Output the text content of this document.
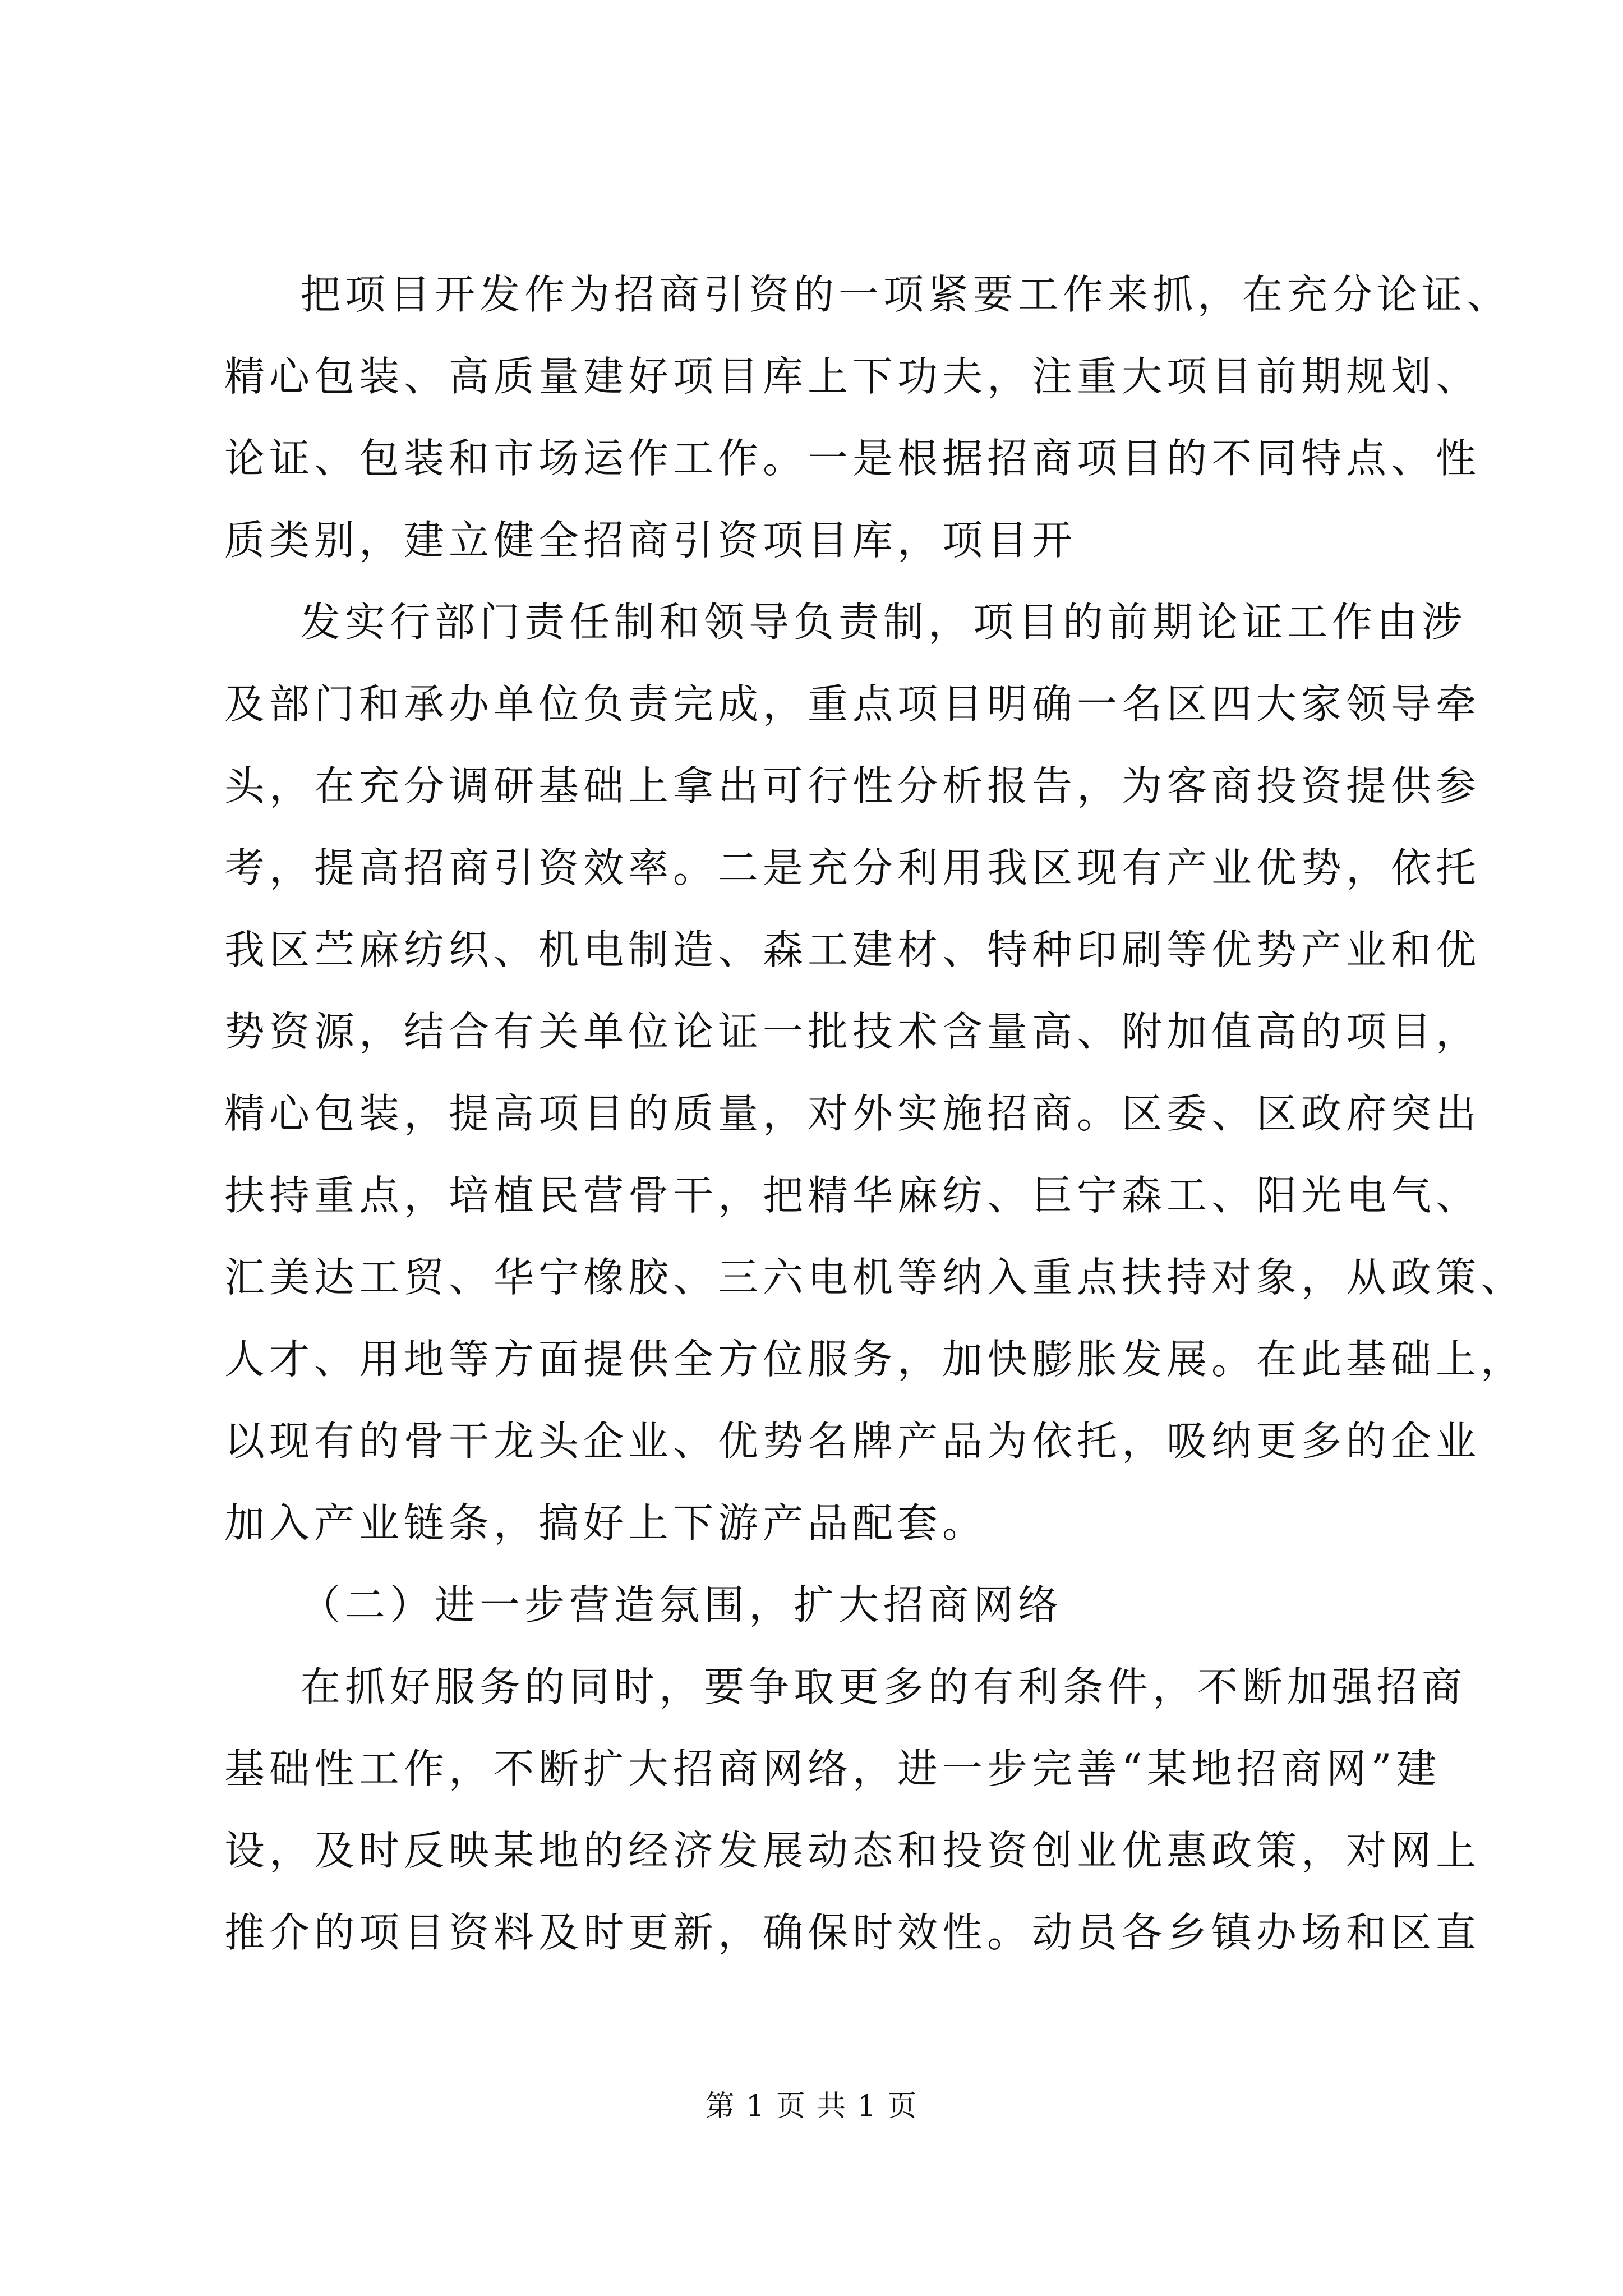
把项目开发作为招商引资的一项紧要工作来抓，在充分论证、
精心包装、高质量建好项目库上下功夫，注重大项目前期规划、
论证、包装和市场运作工作。一是根据招商项目的不同特点、性
质类别，建立健全招商引资项目库，项目开
发实行部门责任制和领导负责制，项目的前期论证工作由涉
及部门和承办单位负责完成，重点项目明确一名区四大家领导牵
头，在充分调研基础上拿出可行性分析报告，为客商投资提供参
考，提高招商引资效率。二是充分利用我区现有产业优势，依托
我区苎麻纺织、机电制造、森工建材、特种印刷等优势产业和优
势资源，结合有关单位论证一批技术含量高、附加值高的项目，
精心包装，提高项目的质量，对外实施招商。区委、区政府突出
扶持重点，培植民营骨干，把精华麻纺、巨宁森工、阳光电气、
汇美达工贸、华宁橡胶、三六电机等纳入重点扶持对象，从政策、
人才、用地等方面提供全方位服务，加快膨胀发展。在此基础上，
以现有的骨干龙头企业、优势名牌产品为依托，吸纳更多的企业
加入产业链条，搞好上下游产品配套。
（二）进一步营造氛围，扩大招商网络
在抓好服务的同时，要争取更多的有利条件，不断加强招商
基础性工作，不断扩大招商网络，进一步完善“某地招商网”建
设，及时反映某地的经济发展动态和投资创业优惠政策，对网上
推介的项目资料及时更新，确保时效性。动员各乡镇办场和区直
第 1 页 共 1 页
